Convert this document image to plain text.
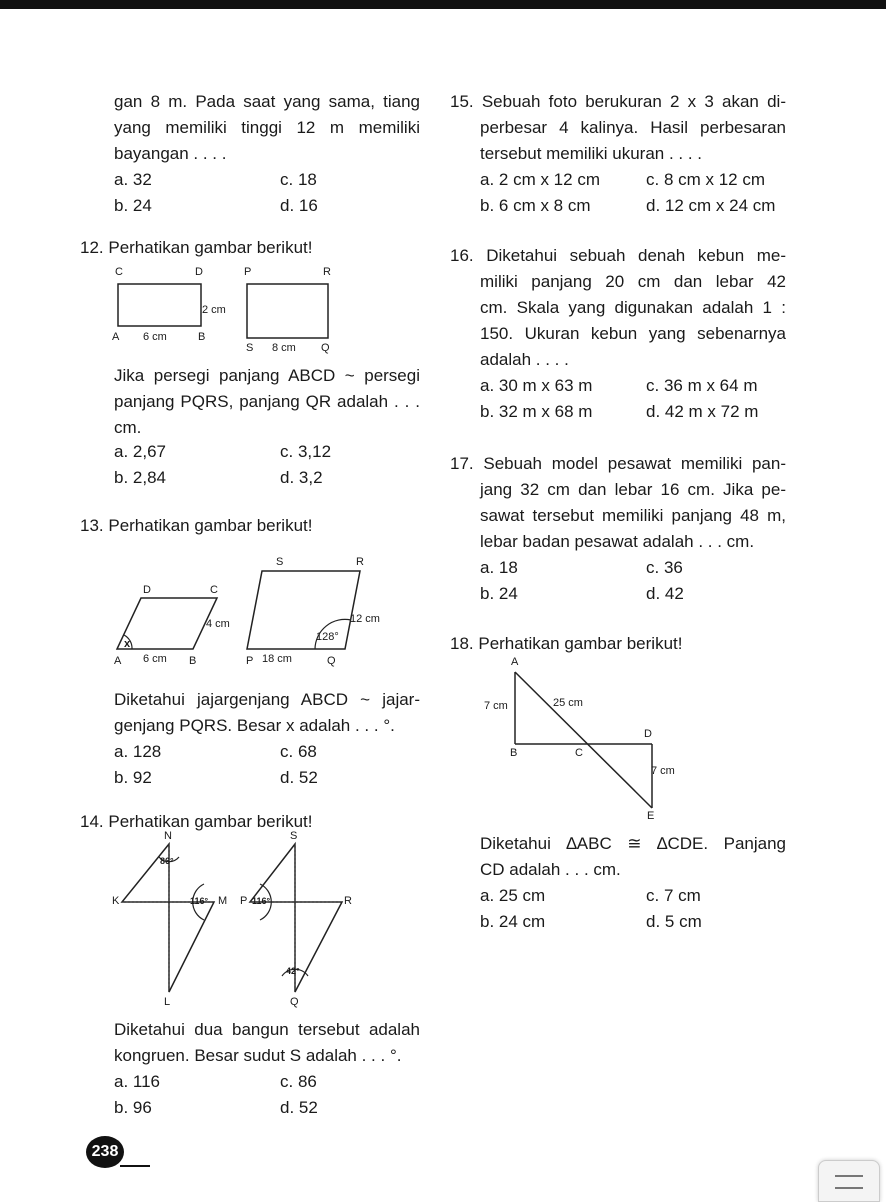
gan 8 m. Pada saat yang sama, tiang
yang memiliki tinggi 12 m memiliki
bayangan . . . .
a. 32
b. 24
c. 18
d. 16
12. Perhatikan gambar berikut!
C	D
A	B
2 cm
6 cm
P	R
S	Q
8 cm
Jika persegi panjang ABCD ~ persegi
panjang PQRS, panjang QR adalah . . .
cm.
a. 2,67
b. 2,84
c. 3,12
d. 3,2
13. Perhatikan gambar berikut!
D	C
A	B
4 cm
6 cm
x
S	R
P	Q
18 cm
12 cm
128°
Diketahui jajargenjang ABCD ~ jajar-
genjang PQRS. Besar x adalah . . . °.
a. 128
b. 92
c. 68
d. 52
14. Perhatikan gambar berikut!
N
K	M
L
86°
116°
S
P	R
Q
116°
42°
Diketahui dua bangun tersebut adalah
kongruen. Besar sudut S adalah . . . °.
a. 116
b. 96
c. 86
d. 52
15. Sebuah foto berukuran 2 x 3 akan di-
perbesar 4 kalinya. Hasil perbesaran
tersebut memiliki ukuran . . . .
a. 2 cm x 12 cm
b. 6 cm x 8 cm
c. 8 cm x 12 cm
d. 12 cm x 24 cm
16. Diketahui sebuah denah kebun me-
miliki panjang 20 cm dan lebar 42
cm. Skala yang digunakan adalah 1 :
150. Ukuran kebun yang sebenarnya
adalah . . . .
a. 30 m x 63 m
b. 32 m x 68 m
c. 36 m x 64 m
d. 42 m x 72 m
17. Sebuah model pesawat memiliki pan-
jang 32 cm dan lebar 16 cm. Jika pe-
sawat tersebut memiliki panjang 48 m,
lebar badan pesawat adalah . . . cm.
a. 18
b. 24
c. 36
d. 42
18. Perhatikan gambar berikut!
A
B	C
D
E
7 cm	25 cm
7 cm
Diketahui ∆ABC ≅ ∆CDE. Panjang
CD adalah . . . cm.
a. 25 cm
b. 24 cm
c. 7 cm
d. 5 cm
238
